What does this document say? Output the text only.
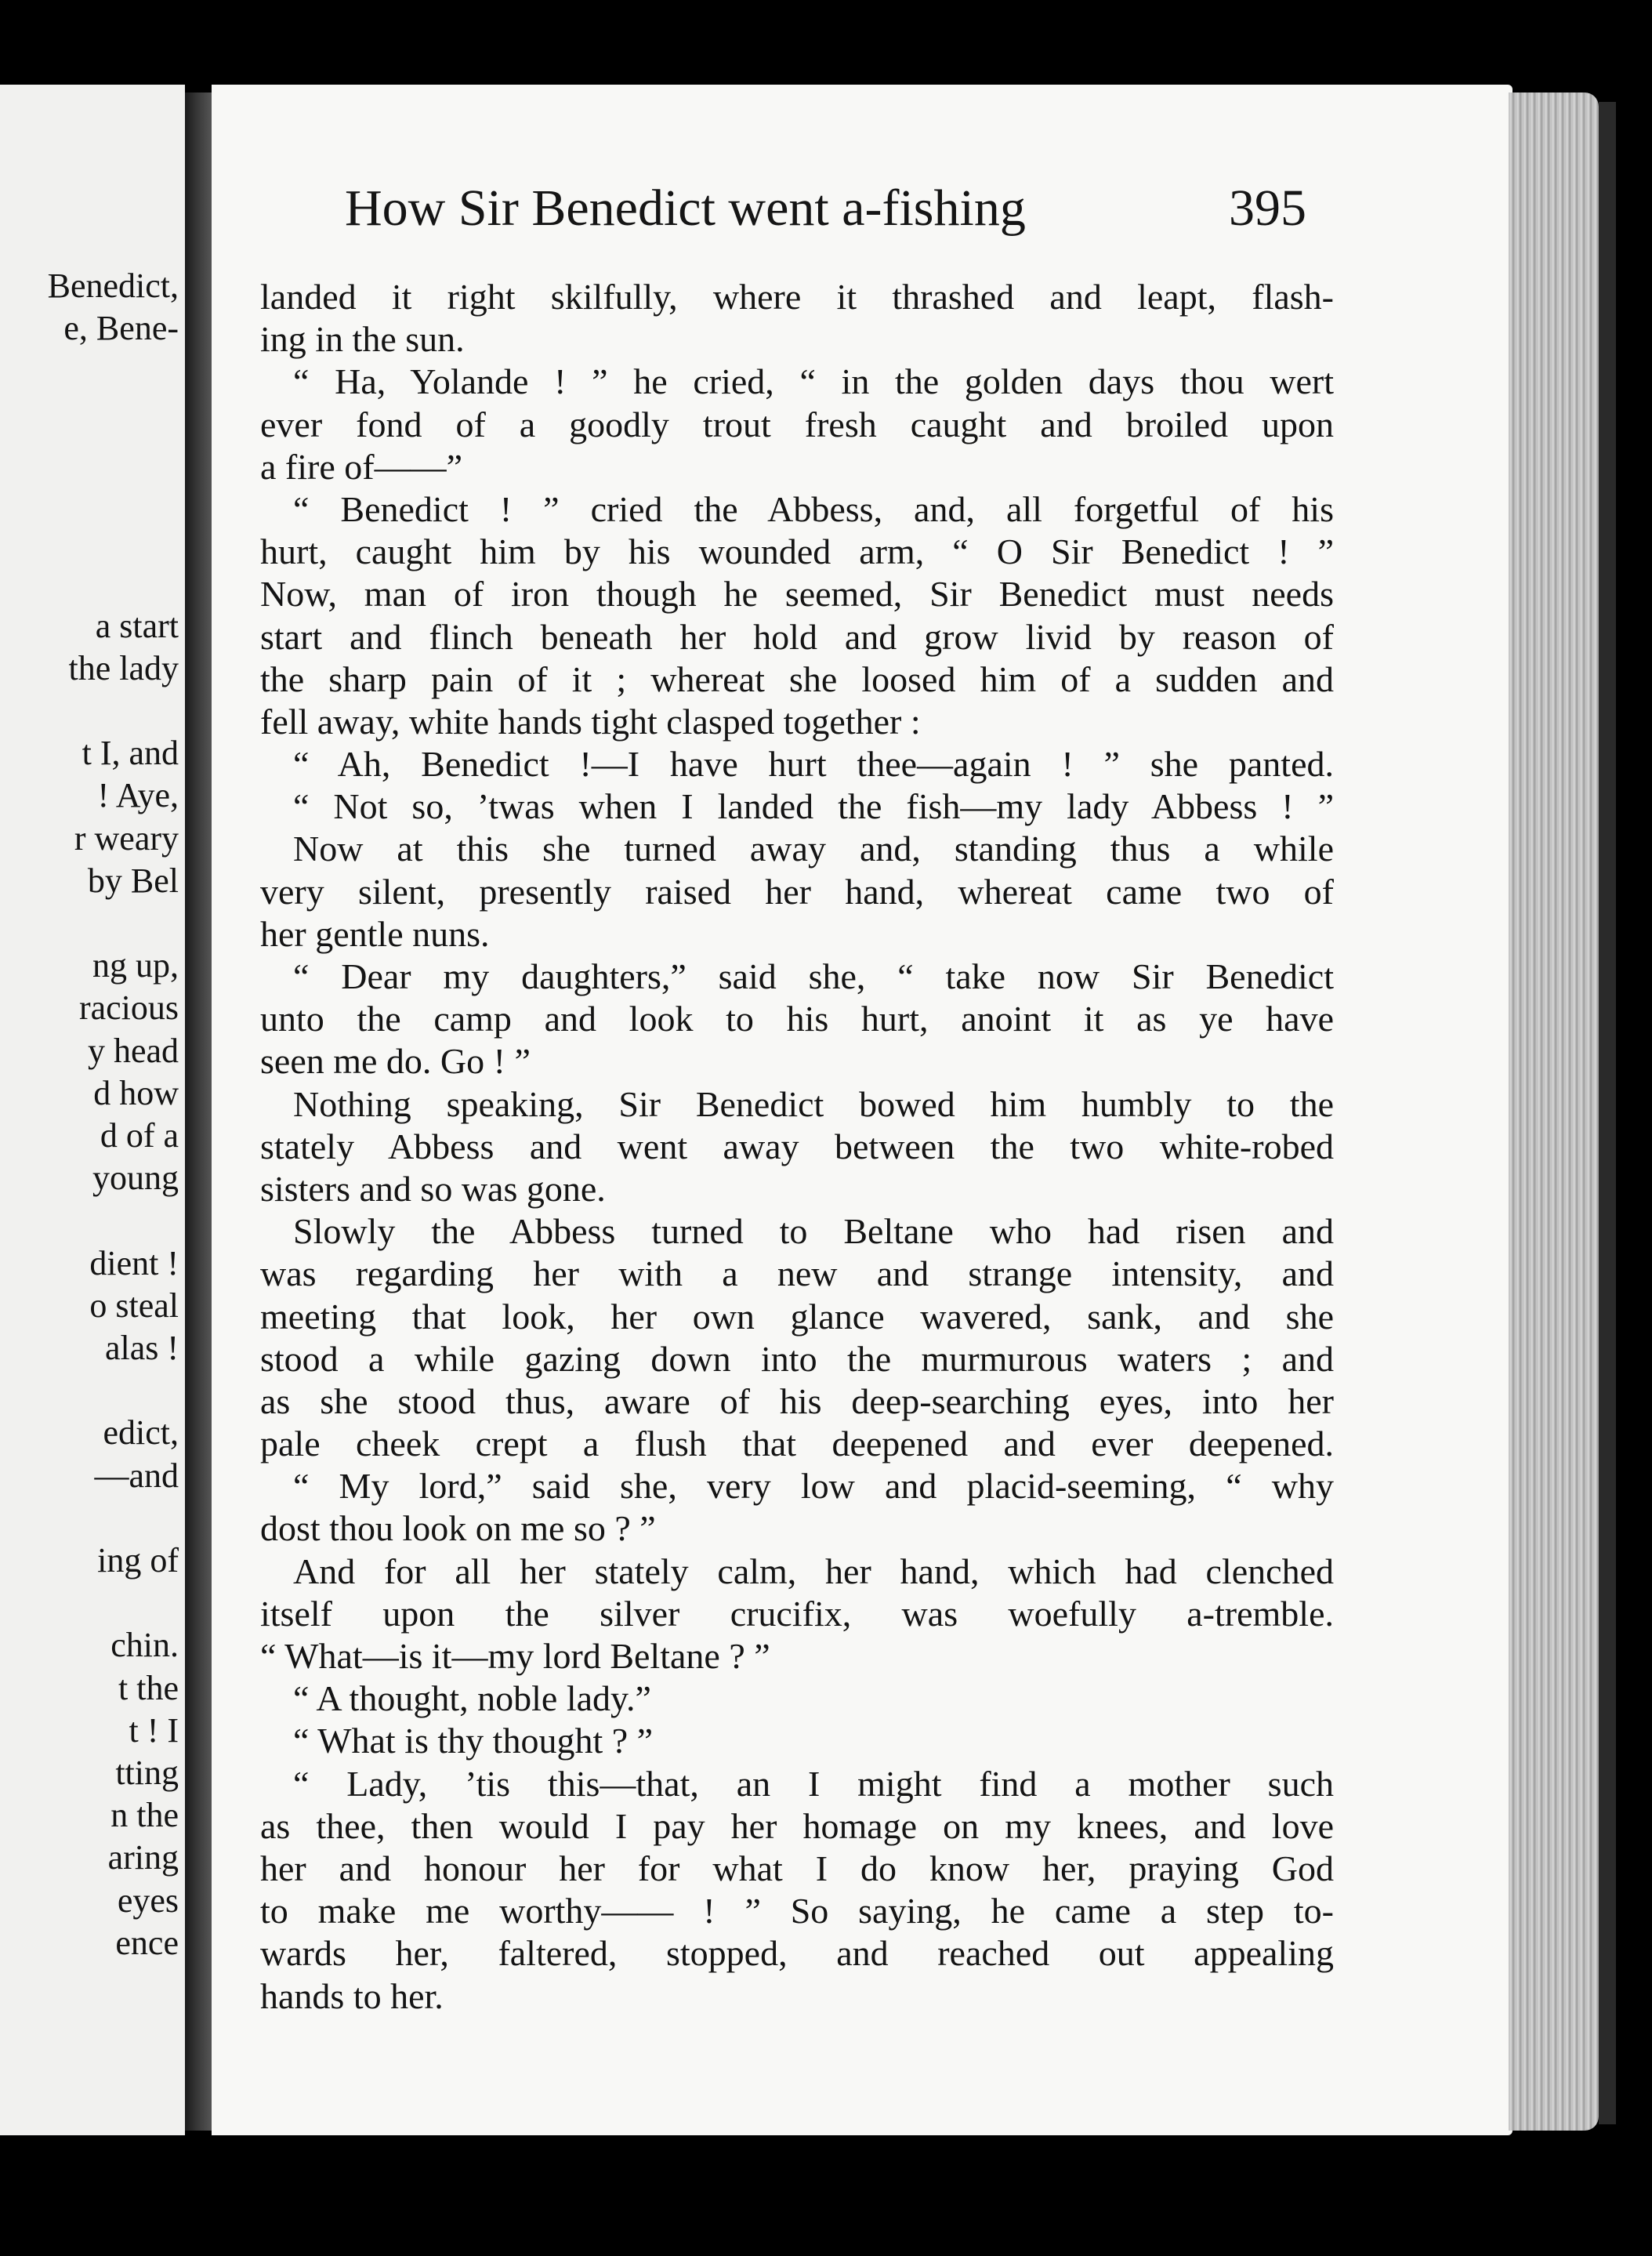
Benedict,
e, Bene-
a start
the lady
t I, and
! Aye,
r weary
by Bel
ng up,
racious
y head
d how
d of a
young
dient !
o steal
alas !
edict,
—and
ing of
chin.
t the
t ! I
tting
n the
aring
eyes
ence
How Sir Benedict went a-fishing	395
landed it right skilfully, where it thrashed and leapt, flash-
ing in the sun.
“ Ha, Yolande ! ” he cried, “ in the golden days thou wert
ever fond of a goodly trout fresh caught and broiled upon
a fire of——”
“ Benedict ! ” cried the Abbess, and, all forgetful of his
hurt, caught him by his wounded arm, “ O Sir Benedict ! ”
Now, man of iron though he seemed, Sir Benedict must needs
start and flinch beneath her hold and grow livid by reason of
the sharp pain of it ; whereat she loosed him of a sudden and
fell away, white hands tight clasped together :
“ Ah, Benedict !—I have hurt thee—again ! ” she panted.
“ Not so, ’twas when I landed the fish—my lady Abbess ! ”
Now at this she turned away and, standing thus a while
very silent, presently raised her hand, whereat came two of
her gentle nuns.
“ Dear my daughters,” said she, “ take now Sir Benedict
unto the camp and look to his hurt, anoint it as ye have
seen me do. Go ! ”
Nothing speaking, Sir Benedict bowed him humbly to the
stately Abbess and went away between the two white-robed
sisters and so was gone.
Slowly the Abbess turned to Beltane who had risen and
was regarding her with a new and strange intensity, and
meeting that look, her own glance wavered, sank, and she
stood a while gazing down into the murmurous waters ; and
as she stood thus, aware of his deep-searching eyes, into her
pale cheek crept a flush that deepened and ever deepened.
“ My lord,” said she, very low and placid-seeming, “ why
dost thou look on me so ? ”
And for all her stately calm, her hand, which had clenched
itself upon the silver crucifix, was woefully a-tremble.
“ What—is it—my lord Beltane ? ”
“ A thought, noble lady.”
“ What is thy thought ? ”
“ Lady, ’tis this—that, an I might find a mother such
as thee, then would I pay her homage on my knees, and love
her and honour her for what I do know her, praying God
to make me worthy—— ! ” So saying, he came a step to-
wards her, faltered, stopped, and reached out appealing
hands to her.
